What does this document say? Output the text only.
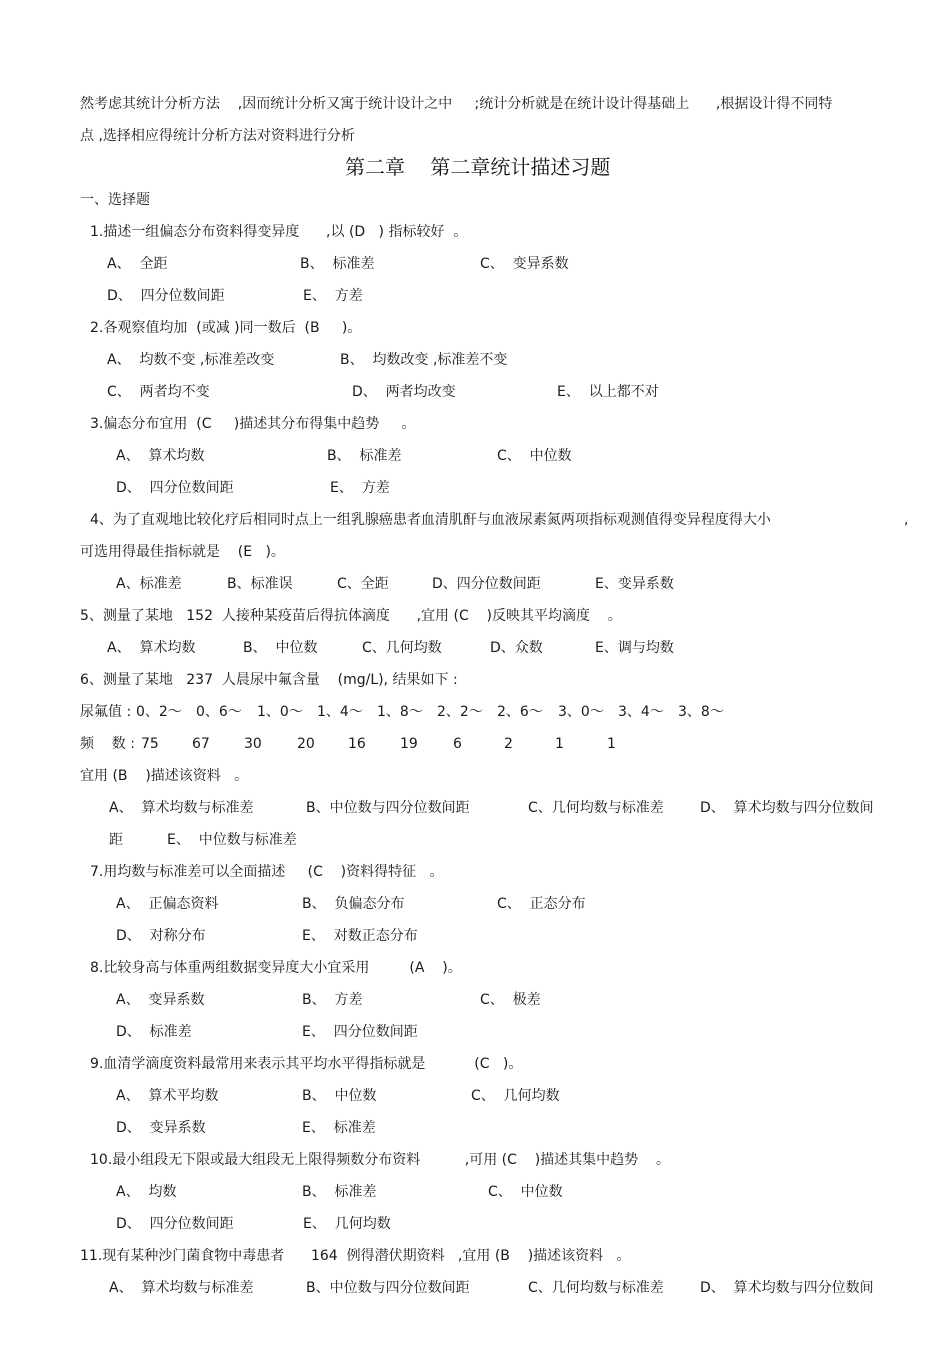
然考虑其统计分析方法    ,因而统计分析又寓于统计设计之中     ;统计分析就是在统计设计得基础上      ,根据设计得不同特
点 ,选择相应得统计分析方法对资料进行分析
第二章    第二章统计描述习题
一、选择题
1.描述一组偏态分布资料得变异度      ,以 (D   ) 指标较好  。
A、  全距	B、  标准差	C、  变异系数
D、  四分位数间距	E、  方差
2.各观察值均加  (或减 )同一数后  (B     )。
A、  均数不变 ,标准差改变	B、  均数改变 ,标准差不变
C、  两者均不变	D、  两者均改变	E、  以上都不对
3.偏态分布宜用  (C     )描述其分布得集中趋势     。
A、  算术均数	B、  标准差	C、  中位数
D、  四分位数间距	E、  方差
4、为了直观地比较化疗后相同时点上一组乳腺癌患者血清肌酐与血液尿素氮两项指标观测值得变异程度得大小	,
可选用得最佳指标就是    (E   )。
A、标准差	B、标准误	C、全距	D、四分位数间距	E、变异系数
5、测量了某地   152  人接种某疫苗后得抗体滴度      ,宜用 (C    )反映其平均滴度    。
A、  算术均数	B、  中位数	C、几何均数	D、众数	E、调与均数
6、测量了某地   237  人晨尿中氟含量    (mg/L), 结果如下 :
尿氟值 : 0、2～ 0、6～ 1、0～ 1、4～ 1、8～ 2、2～ 2、6～ 3、0～ 3、4～ 3、8～
频    数 : 75 67 30	20 16 19	6	2	1	1
宜用 (B    )描述该资料   。
A、  算术均数与标准差	B、中位数与四分位数间距	C、几何均数与标准差	D、  算术均数与四分位数间
距	E、  中位数与标准差
7.用均数与标准差可以全面描述     (C    )资料得特征   。
A、  正偏态资料	B、  负偏态分布	C、  正态分布
D、  对称分布	E、  对数正态分布
8.比较身高与体重两组数据变异度大小宜采用         (A    )。
A、  变异系数	B、  方差	C、  极差
D、  标准差	E、  四分位数间距
9.血清学滴度资料最常用来表示其平均水平得指标就是           (C   )。
A、  算术平均数	B、  中位数	C、  几何均数
D、  变异系数	E、  标准差
10.最小组段无下限或最大组段无上限得频数分布资料          ,可用 (C    )描述其集中趋势    。
A、  均数	B、  标准差	C、  中位数
D、  四分位数间距	E、  几何均数
11.现有某种沙门菌食物中毒患者      164  例得潜伏期资料   ,宜用 (B    )描述该资料   。
A、  算术均数与标准差	B、中位数与四分位数间距	C、几何均数与标准差	D、  算术均数与四分位数间
